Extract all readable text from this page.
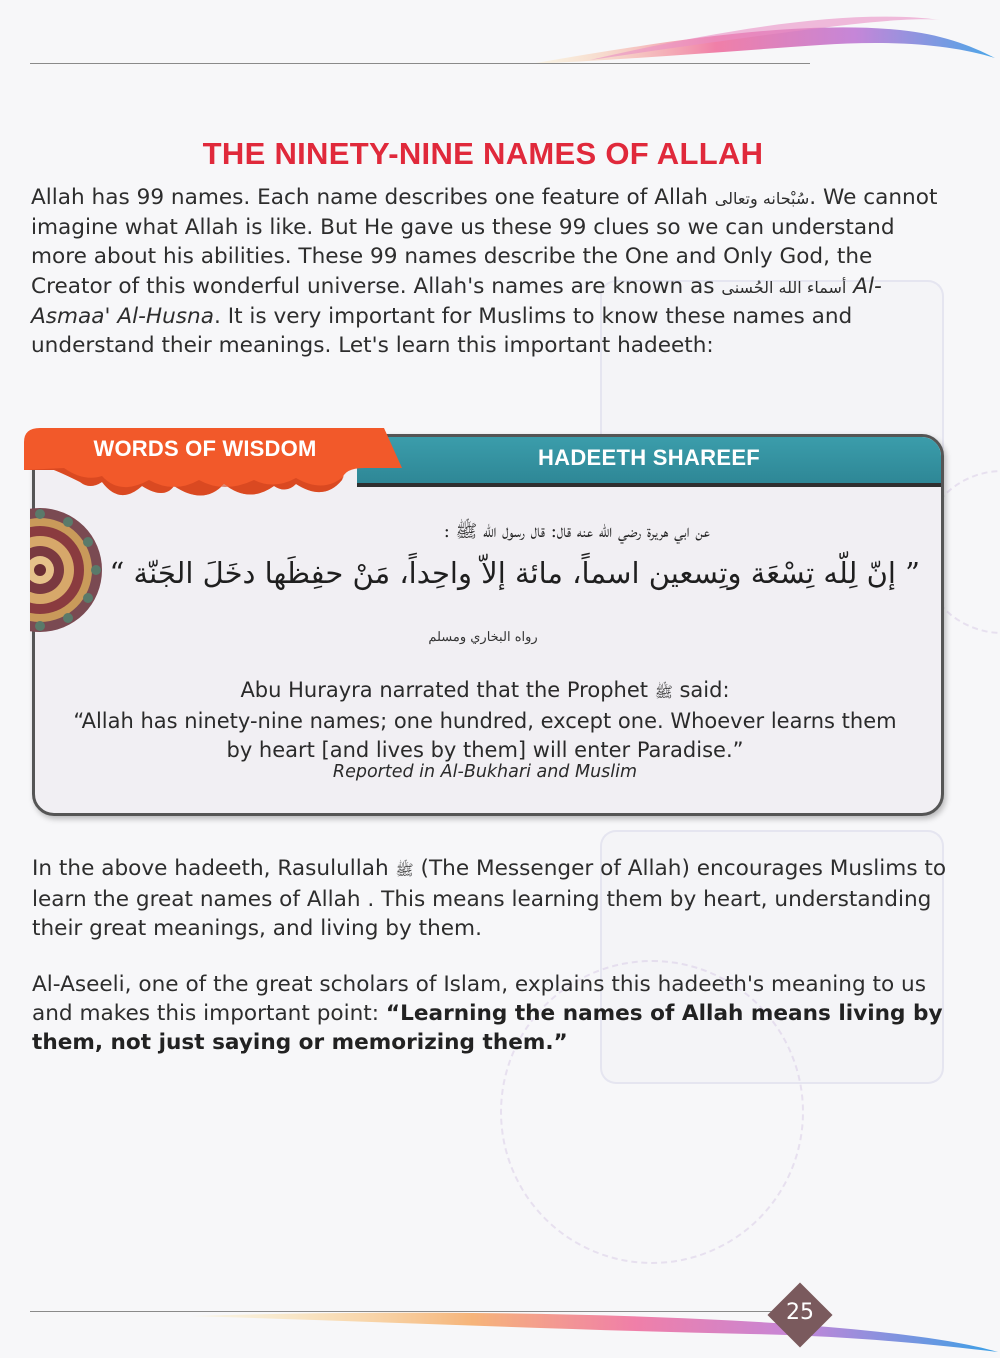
THE NINETY-NINE NAMES OF ALLAH
Allah has 99 names. Each name describes one feature of Allah سُبْحانه وتعالى. We cannot imagine what Allah is like. But He gave us these 99 clues so we can understand more about his abilities. These 99 names describe the One and Only God, the Creator of this wonderful universe. Allah's names are known as أسماء الله الحُسنى Al-Asmaa' Al-Husna. It is very important for Muslims to know these names and understand their meanings. Let's learn this important hadeeth:
HADEETH SHAREEF
WORDS OF WISDOM
عن ابي هريرة رضي الله عنه قال: قال رسول الله ﷺ :
” إنّ لِلّه تِسْعَة وتِسعين اسماً، مائة إلاّ واحِداً، مَنْ حفِظَها دخَلَ الجَنّة “
رواه البخاري ومسلم
Abu Hurayra narrated that the Prophet ﷺ said:
“Allah has ninety-nine names; one hundred, except one. Whoever learns them by heart [and lives by them] will enter Paradise.”
Reported in Al-Bukhari and Muslim
In the above hadeeth, Rasulullah ﷺ (The Messenger of Allah) encourages Muslims to learn the great names of Allah . This means learning them by heart, understanding their great meanings, and living by them.
Al-Aseeli, one of the great scholars of Islam, explains this hadeeth's meaning to us and makes this important point: “Learning the names of Allah means living by them, not just saying or memorizing them.”
25
